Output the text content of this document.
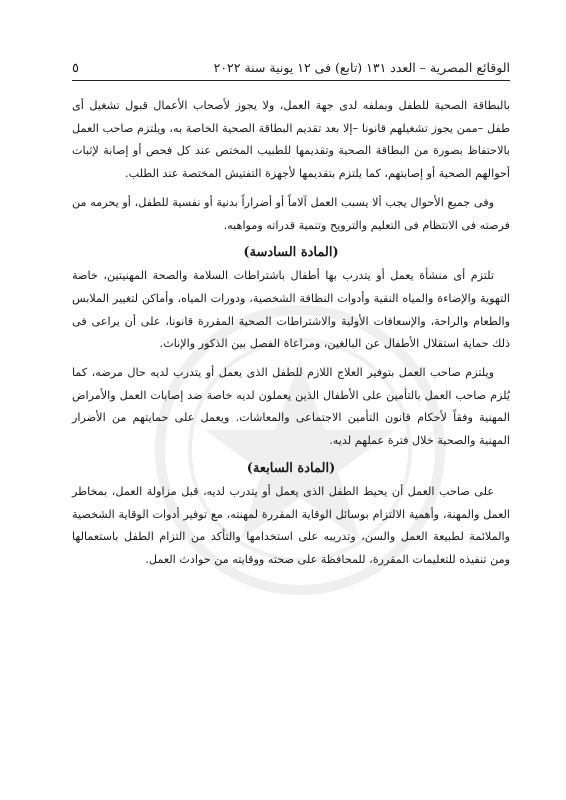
الوقائع المصرية – العدد ١٣١ (تابع) فى ١٢ يونية سنة ٢٠٢٢
٥

بالبطاقة الصحية للطفل وبملفه لدى جهة العمل، ولا يجوز لأصحاب الأعمال قبول تشغيل أى طفل –ممن يجوز تشغيلهم قانونا –إلا بعد تقديم البطاقة الصحية الخاصة به، ويلتزم صاحب العمل بالاحتفاظ بصورة من البطاقة الصحية وتقديمها للطبيب المختص عند كل فحص أو إصابة لإثبات أحوالهم الصحية أو إصابتهم، كما يلتزم بتقديمها لأجهزة التفتيش المختصة عند الطلب.

وفى جميع الأحوال يجب ألا يسبب العمل آلاماً أو أضراراً بدنية أو نفسية للطفل، أو يحرمه من فرصته فى الانتظام فى التعليم والترويح وتنمية قدراته ومواهبه.

(المادة السادسة)

تلتزم أى منشأة يعمل أو يتدرب بها أطفال باشتراطات السلامة والصحة المهنيتين، خاصة التهوية والإضاءة والمياه النقية وأدوات النظافة الشخصية، ودورات المياه، وأماكن لتغيير الملابس والطعام والراحة، والإسعافات الأولية والاشتراطات الصحية المقررة قانونا، على أن يراعى فى ذلك حماية استقلال الأطفال عن البالغين، ومراعاة الفصل بين الذكور والإناث.

ويلتزم صاحب العمل بتوفير العلاج اللازم للطفل الذى يعمل أو يتدرب لديه حال مرضه، كما يُلزم صاحب العمل بالتأمين على الأطفال الذين يعملون لديه خاصة ضد إصابات العمل والأمراض المهنية وفقاً لأحكام قانون التأمين الاجتماعى والمعاشات. ويعمل على حمايتهم من الأضرار المهنية والصحية خلال فترة عملهم لديه.

(المادة السابعة)

على صاحب العمل أن يحيط الطفل الذى يعمل أو يتدرب لديه، قبل مزاولة العمل، بمخاطر العمل والمهنة، وأهمية الالتزام بوسائل الوقاية المقررة لمهنته، مع توفير أدوات الوقاية الشخصية والملائمة لطبيعة العمل والسن، وتدريبه على استخدامها والتأكد من التزام الطفل باستعمالها ومن تنفيذه للتعليمات المقررة، للمحافظة على صحته ووقايته من حوادث العمل.
